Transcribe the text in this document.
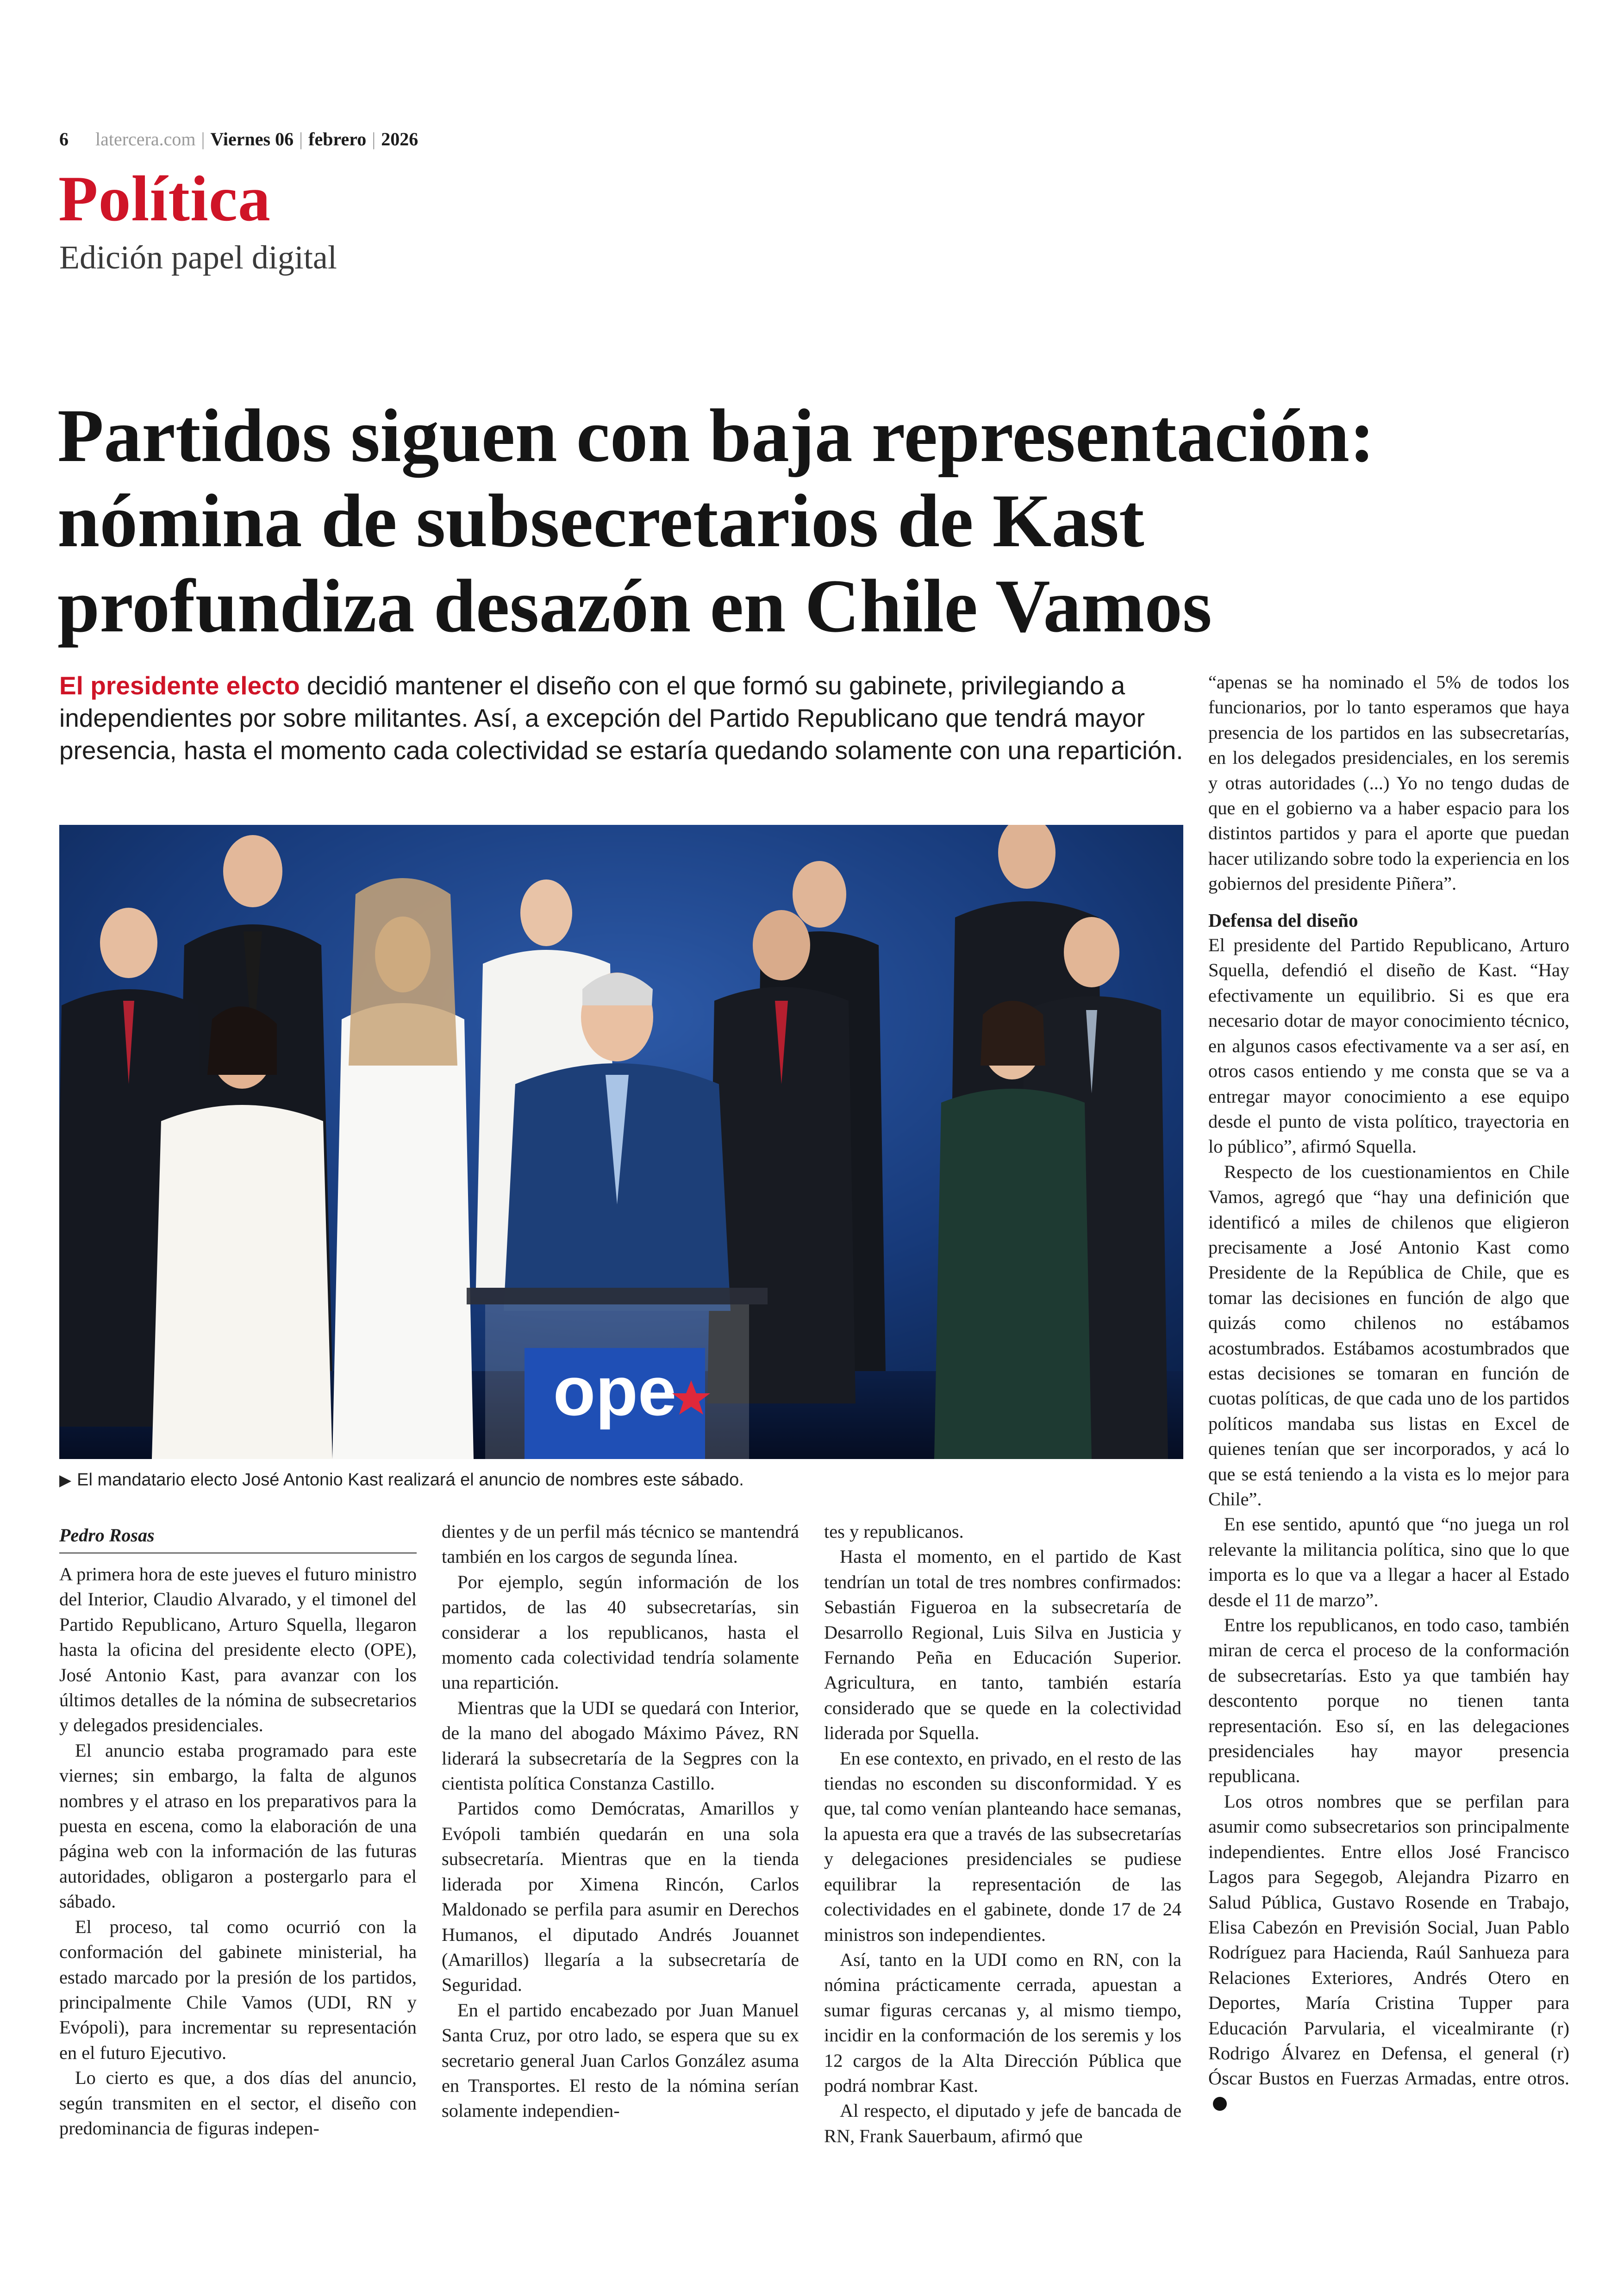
6 latercera.com | Viernes 06 | febrero | 2026
Política
Edición papel digital
Partidos siguen con baja representación:
nómina de subsecretarios de Kast
profundiza desazón en Chile Vamos

El presidente electo decidió mantener el diseño con el que formó su gabinete, privilegiando a independientes por sobre militantes. Así, a excepción del Partido Republicano que tendrá mayor presencia, hasta el momento cada colectividad se estaría quedando solamente con una repartición.

ope
▶ El mandatario electo José Antonio Kast realizará el anuncio de nombres este sábado.

Pedro Rosas

A primera hora de este jueves el futuro ministro del Interior, Claudio Alvarado, y el timonel del Partido Republicano, Arturo Squella, llegaron hasta la oficina del presidente electo (OPE), José Antonio Kast, para avanzar con los últimos detalles de la nómina de subsecretarios y delegados presidenciales.

El anuncio estaba programado para este viernes; sin embargo, la falta de algunos nombres y el atraso en los preparativos para la puesta en escena, como la elaboración de una página web con la información de las futuras autoridades, obligaron a postergarlo para el sábado.

El proceso, tal como ocurrió con la conformación del gabinete ministerial, ha estado marcado por la presión de los partidos, principalmente Chile Vamos (UDI, RN y Evópoli), para incrementar su representación en el futuro Ejecutivo.

Lo cierto es que, a dos días del anuncio, según transmiten en el sector, el diseño con predominancia de figuras indepen-

dientes y de un perfil más técnico se mantendrá también en los cargos de segunda línea.

Por ejemplo, según información de los partidos, de las 40 subsecretarías, sin considerar a los republicanos, hasta el momento cada colectividad tendría solamente una repartición.

Mientras que la UDI se quedará con Interior, de la mano del abogado Máximo Pávez, RN liderará la subsecretaría de la Segpres con la cientista política Constanza Castillo.

Partidos como Demócratas, Amarillos y Evópoli también quedarán en una sola subsecretaría. Mientras que en la tienda liderada por Ximena Rincón, Carlos Maldonado se perfila para asumir en Derechos Humanos, el diputado Andrés Jouannet (Amarillos) llegaría a la subsecretaría de Seguridad.

En el partido encabezado por Juan Manuel Santa Cruz, por otro lado, se espera que su ex secretario general Juan Carlos González asuma en Transportes. El resto de la nómina serían solamente independien-

tes y republicanos.

Hasta el momento, en el partido de Kast tendrían un total de tres nombres confirmados: Sebastián Figueroa en la subsecretaría de Desarrollo Regional, Luis Silva en Justicia y Fernando Peña en Educación Superior. Agricultura, en tanto, también estaría considerado que se quede en la colectividad liderada por Squella.

En ese contexto, en privado, en el resto de las tiendas no esconden su disconformidad. Y es que, tal como venían planteando hace semanas, la apuesta era que a través de las subsecretarías y delegaciones presidenciales se pudiese equilibrar la representación de las colectividades en el gabinete, donde 17 de 24 ministros son independientes.

Así, tanto en la UDI como en RN, con la nómina prácticamente cerrada, apuestan a sumar figuras cercanas y, al mismo tiempo, incidir en la conformación de los seremis y los 12 cargos de la Alta Dirección Pública que podrá nombrar Kast.

Al respecto, el diputado y jefe de bancada de RN, Frank Sauerbaum, afirmó que

“apenas se ha nominado el 5% de todos los funcionarios, por lo tanto esperamos que haya presencia de los partidos en las subsecretarías, en los delegados presidenciales, en los seremis y otras autoridades (...) Yo no tengo dudas de que en el gobierno va a haber espacio para los distintos partidos y para el aporte que puedan hacer utilizando sobre todo la experiencia en los gobiernos del presidente Piñera”.

Defensa del diseño

El presidente del Partido Republicano, Arturo Squella, defendió el diseño de Kast. “Hay efectivamente un equilibrio. Si es que era necesario dotar de mayor conocimiento técnico, en algunos casos efectivamente va a ser así, en otros casos entiendo y me consta que se va a entregar mayor conocimiento a ese equipo desde el punto de vista político, trayectoria en lo público”, afirmó Squella.

Respecto de los cuestionamientos en Chile Vamos, agregó que “hay una definición que identificó a miles de chilenos que eligieron precisamente a José Antonio Kast como Presidente de la República de Chile, que es tomar las decisiones en función de algo que quizás como chilenos no estábamos acostumbrados. Estábamos acostumbrados que estas decisiones se tomaran en función de cuotas políticas, de que cada uno de los partidos políticos mandaba sus listas en Excel de quienes tenían que ser incorporados, y acá lo que se está teniendo a la vista es lo mejor para Chile”.

En ese sentido, apuntó que “no juega un rol relevante la militancia política, sino que lo que importa es lo que va a llegar a hacer al Estado desde el 11 de marzo”.

Entre los republicanos, en todo caso, también miran de cerca el proceso de la conformación de subsecretarías. Esto ya que también hay descontento porque no tienen tanta representación. Eso sí, en las delegaciones presidenciales hay mayor presencia republicana.

Los otros nombres que se perfilan para asumir como subsecretarios son principalmente independientes. Entre ellos José Francisco Lagos para Segegob, Alejandra Pizarro en Salud Pública, Gustavo Rosende en Trabajo, Elisa Cabezón en Previsión Social, Juan Pablo Rodríguez para Hacienda, Raúl Sanhueza para Relaciones Exteriores, Andrés Otero en Deportes, María Cristina Tupper para Educación Parvularia, el vicealmirante (r) Rodrigo Álvarez en Defensa, el general (r) Óscar Bustos en Fuerzas Armadas, entre otros.
